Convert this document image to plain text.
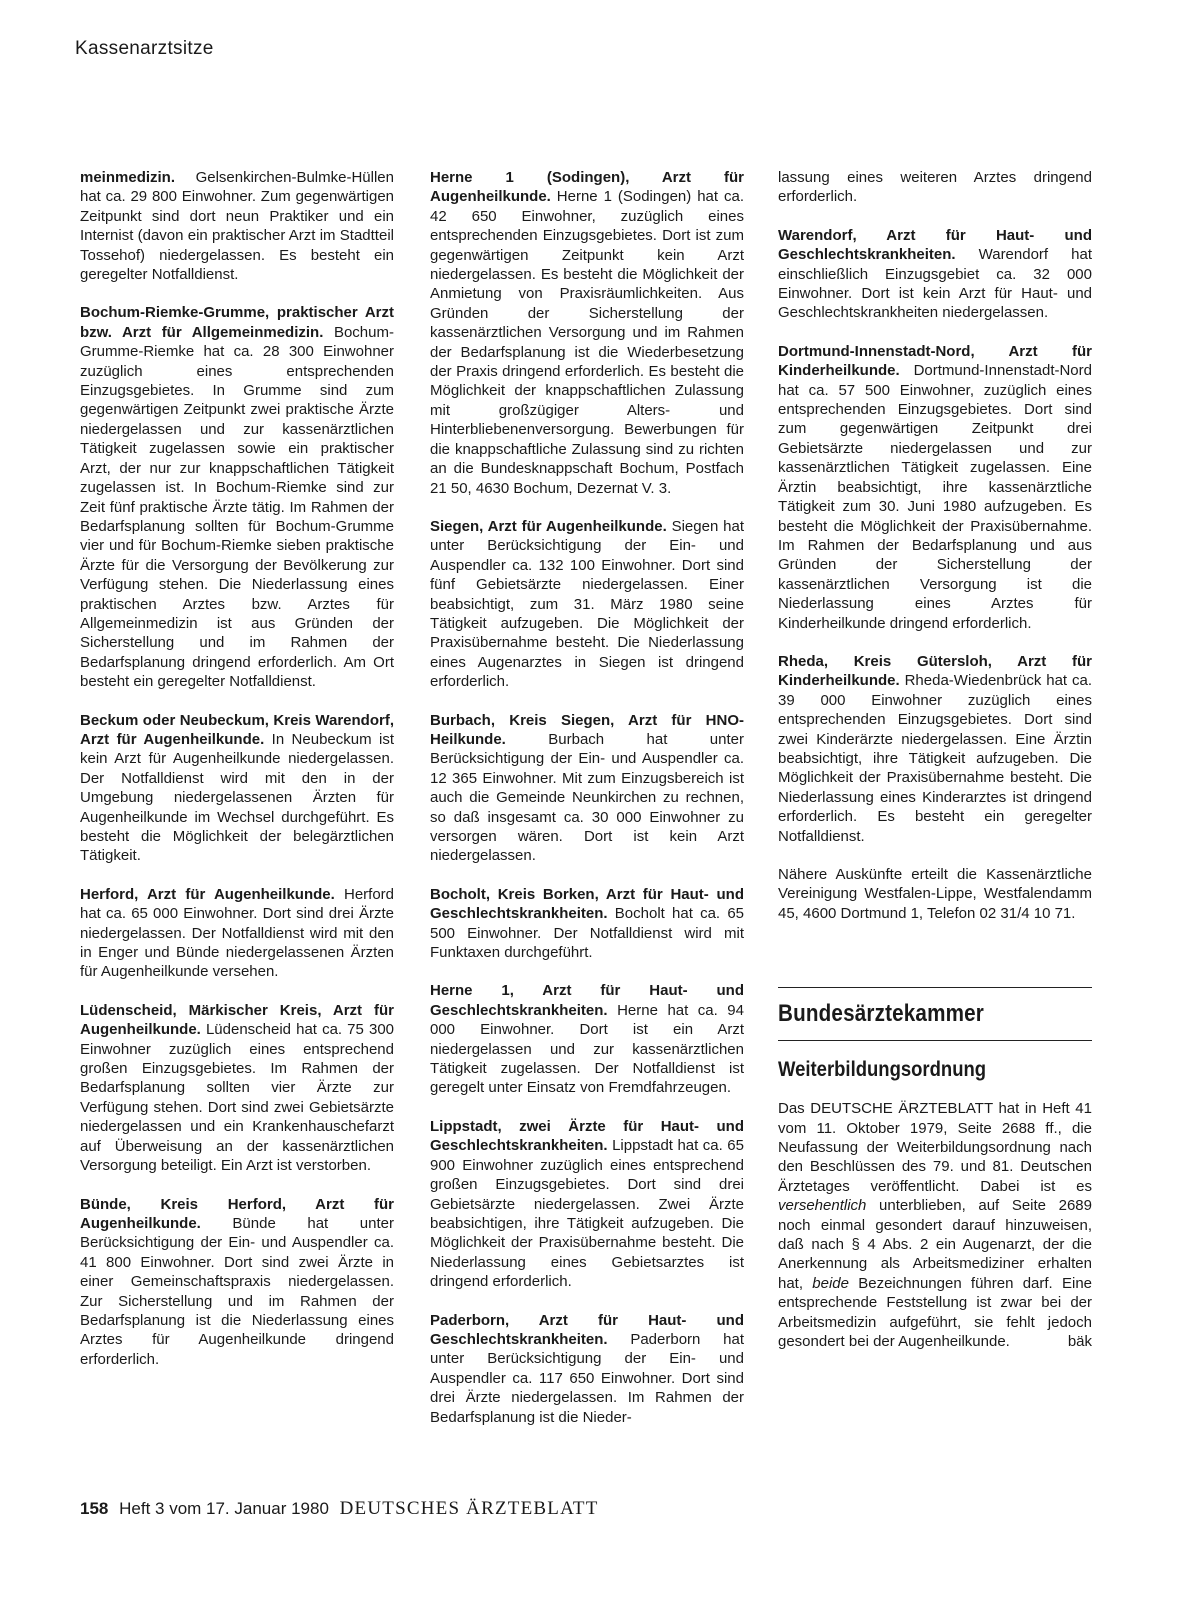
Kassenarztsitze

meinmedizin. Gelsenkirchen-Bulmke-Hüllen hat ca. 29 800 Einwohner. Zum gegenwärtigen Zeitpunkt sind dort neun Praktiker und ein Internist (davon ein praktischer Arzt im Stadtteil Tossehof) niedergelassen. Es besteht ein geregelter Notfalldienst.

Bochum-Riemke-Grumme, praktischer Arzt bzw. Arzt für Allgemeinmedizin. Bochum-Grumme-Riemke hat ca. 28 300 Einwohner zuzüglich eines entsprechenden Einzugsgebietes. In Grumme sind zum gegenwärtigen Zeitpunkt zwei praktische Ärzte niedergelassen und zur kassenärztlichen Tätigkeit zugelassen sowie ein praktischer Arzt, der nur zur knappschaftlichen Tätigkeit zugelassen ist. In Bochum-Riemke sind zur Zeit fünf praktische Ärzte tätig. Im Rahmen der Bedarfsplanung sollten für Bochum-Grumme vier und für Bochum-Riemke sieben praktische Ärzte für die Versorgung der Bevölkerung zur Verfügung stehen. Die Niederlassung eines praktischen Arztes bzw. Arztes für Allgemeinmedizin ist aus Gründen der Sicherstellung und im Rahmen der Bedarfsplanung dringend erforderlich. Am Ort besteht ein geregelter Notfalldienst.

Beckum oder Neubeckum, Kreis Warendorf, Arzt für Augenheilkunde. In Neubeckum ist kein Arzt für Augenheilkunde niedergelassen. Der Notfalldienst wird mit den in der Umgebung niedergelassenen Ärzten für Augenheilkunde im Wechsel durchgeführt. Es besteht die Möglichkeit der belegärztlichen Tätigkeit.

Herford, Arzt für Augenheilkunde. Herford hat ca. 65 000 Einwohner. Dort sind drei Ärzte niedergelassen. Der Notfalldienst wird mit den in Enger und Bünde niedergelassenen Ärzten für Augenheilkunde versehen.

Lüdenscheid, Märkischer Kreis, Arzt für Augenheilkunde. Lüdenscheid hat ca. 75 300 Einwohner zuzüglich eines entsprechend großen Einzugsgebietes. Im Rahmen der Bedarfsplanung sollten vier Ärzte zur Verfügung stehen. Dort sind zwei Gebietsärzte niedergelassen und ein Krankenhauschefarzt auf Überweisung an der kassenärztlichen Versorgung beteiligt. Ein Arzt ist verstorben.

Bünde, Kreis Herford, Arzt für Augenheilkunde. Bünde hat unter Berücksichtigung der Ein- und Auspendler ca. 41 800 Einwohner. Dort sind zwei Ärzte in einer Gemeinschaftspraxis niedergelassen. Zur Sicherstellung und im Rahmen der Bedarfsplanung ist die Niederlassung eines Arztes für Augenheilkunde dringend erforderlich.

Herne 1 (Sodingen), Arzt für Augenheilkunde. Herne 1 (Sodingen) hat ca. 42 650 Einwohner, zuzüglich eines entsprechenden Einzugsgebietes. Dort ist zum gegenwärtigen Zeitpunkt kein Arzt niedergelassen. Es besteht die Möglichkeit der Anmietung von Praxisräumlichkeiten. Aus Gründen der Sicherstellung der kassenärztlichen Versorgung und im Rahmen der Bedarfsplanung ist die Wiederbesetzung der Praxis dringend erforderlich. Es besteht die Möglichkeit der knappschaftlichen Zulassung mit großzügiger Alters- und Hinterbliebenenversorgung. Bewerbungen für die knappschaftliche Zulassung sind zu richten an die Bundesknappschaft Bochum, Postfach 21 50, 4630 Bochum, Dezernat V. 3.

Siegen, Arzt für Augenheilkunde. Siegen hat unter Berücksichtigung der Ein- und Auspendler ca. 132 100 Einwohner. Dort sind fünf Gebietsärzte niedergelassen. Einer beabsichtigt, zum 31. März 1980 seine Tätigkeit aufzugeben. Die Möglichkeit der Praxisübernahme besteht. Die Niederlassung eines Augenarztes in Siegen ist dringend erforderlich.

Burbach, Kreis Siegen, Arzt für HNO-Heilkunde. Burbach hat unter Berücksichtigung der Ein- und Auspendler ca. 12 365 Einwohner. Mit zum Einzugsbereich ist auch die Gemeinde Neunkirchen zu rechnen, so daß insgesamt ca. 30 000 Einwohner zu versorgen wären. Dort ist kein Arzt niedergelassen.

Bocholt, Kreis Borken, Arzt für Haut- und Geschlechtskrankheiten. Bocholt hat ca. 65 500 Einwohner. Der Notfalldienst wird mit Funktaxen durchgeführt.

Herne 1, Arzt für Haut- und Geschlechtskrankheiten. Herne hat ca. 94 000 Einwohner. Dort ist ein Arzt niedergelassen und zur kassenärztlichen Tätigkeit zugelassen. Der Notfalldienst ist geregelt unter Einsatz von Fremdfahrzeugen.

Lippstadt, zwei Ärzte für Haut- und Geschlechtskrankheiten. Lippstadt hat ca. 65 900 Einwohner zuzüglich eines entsprechend großen Einzugsgebietes. Dort sind drei Gebietsärzte niedergelassen. Zwei Ärzte beabsichtigen, ihre Tätigkeit aufzugeben. Die Möglichkeit der Praxisübernahme besteht. Die Niederlassung eines Gebietsarztes ist dringend erforderlich.

Paderborn, Arzt für Haut- und Geschlechtskrankheiten. Paderborn hat unter Berücksichtigung der Ein- und Auspendler ca. 117 650 Einwohner. Dort sind drei Ärzte niedergelassen. Im Rahmen der Bedarfsplanung ist die Nieder-

lassung eines weiteren Arztes dringend erforderlich.

Warendorf, Arzt für Haut- und Geschlechtskrankheiten. Warendorf hat einschließlich Einzugsgebiet ca. 32 000 Einwohner. Dort ist kein Arzt für Haut- und Geschlechtskrankheiten niedergelassen.

Dortmund-Innenstadt-Nord, Arzt für Kinderheilkunde. Dortmund-Innenstadt-Nord hat ca. 57 500 Einwohner, zuzüglich eines entsprechenden Einzugsgebietes. Dort sind zum gegenwärtigen Zeitpunkt drei Gebietsärzte niedergelassen und zur kassenärztlichen Tätigkeit zugelassen. Eine Ärztin beabsichtigt, ihre kassenärztliche Tätigkeit zum 30. Juni 1980 aufzugeben. Es besteht die Möglichkeit der Praxisübernahme. Im Rahmen der Bedarfsplanung und aus Gründen der Sicherstellung der kassenärztlichen Versorgung ist die Niederlassung eines Arztes für Kinderheilkunde dringend erforderlich.

Rheda, Kreis Gütersloh, Arzt für Kinderheilkunde. Rheda-Wiedenbrück hat ca. 39 000 Einwohner zuzüglich eines entsprechenden Einzugsgebietes. Dort sind zwei Kinderärzte niedergelassen. Eine Ärztin beabsichtigt, ihre Tätigkeit aufzugeben. Die Möglichkeit der Praxisübernahme besteht. Die Niederlassung eines Kinderarztes ist dringend erforderlich. Es besteht ein geregelter Notfalldienst.

Nähere Auskünfte erteilt die Kassenärztliche Vereinigung Westfalen-Lippe, Westfalendamm 45, 4600 Dortmund 1, Telefon 02 31/4 10 71.

Bundesärztekammer
Weiterbildungsordnung

Das DEUTSCHE ÄRZTEBLATT hat in Heft 41 vom 11. Oktober 1979, Seite 2688 ff., die Neufassung der Weiterbildungsordnung nach den Beschlüssen des 79. und 81. Deutschen Ärztetages veröffentlicht. Dabei ist es versehentlich unterblieben, auf Seite 2689 noch einmal gesondert darauf hinzuweisen, daß nach § 4 Abs. 2 ein Augenarzt, der die Anerkennung als Arbeitsmediziner erhalten hat, beide Bezeichnungen führen darf. Eine entsprechende Feststellung ist zwar bei der Arbeitsmedizin aufgeführt, sie fehlt jedoch gesondert bei der Augenheilkunde.	bäk

158 Heft 3 vom 17. Januar 1980 DEUTSCHES ÄRZTEBLATT
